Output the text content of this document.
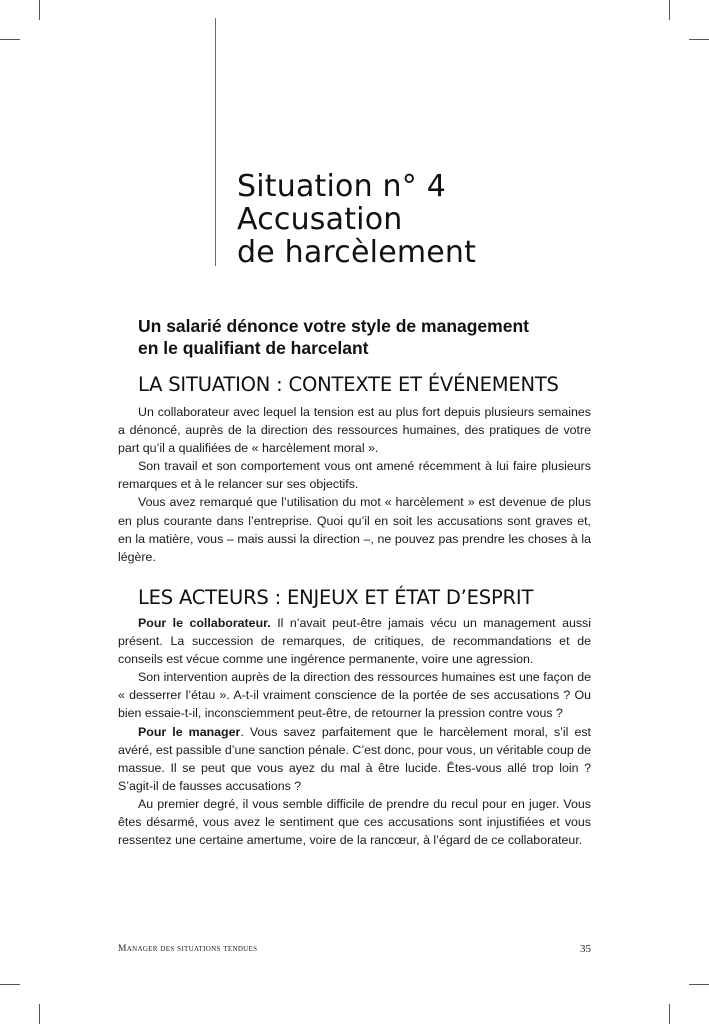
Situation n° 4
Accusation
de harcèlement
Un salarié dénonce votre style de management
en le qualifiant de harcelant
LA SITUATION : CONTEXTE ET ÉVÉNEMENTS

Un collaborateur avec lequel la tension est au plus fort depuis plusieurs semaines a dénoncé, auprès de la direction des ressources humaines, des pratiques de votre part qu’il a qualifiées de « harcèlement moral ».

Son travail et son comportement vous ont amené récemment à lui faire plusieurs remarques et à le relancer sur ses objectifs.

Vous avez remarqué que l’utilisation du mot « harcèlement » est devenue de plus en plus courante dans l’entreprise. Quoi qu’il en soit les accusations sont graves et, en la matière, vous – mais aussi la direction –, ne pouvez pas prendre les choses à la légère.

LES ACTEURS : ENJEUX ET ÉTAT D’ESPRIT

Pour le collaborateur. Il n’avait peut-être jamais vécu un management aussi présent. La succession de remarques, de critiques, de recommandations et de conseils est vécue comme une ingérence permanente, voire une agression.

Son intervention auprès de la direction des ressources humaines est une façon de « desserrer l’étau ». A-t-il vraiment conscience de la portée de ses accusations ? Ou bien essaie-t-il, inconsciemment peut-être, de retourner la pression contre vous ?

Pour le manager. Vous savez parfaitement que le harcèlement moral, s’il est avéré, est passible d’une sanction pénale. C’est donc, pour vous, un véritable coup de massue. Il se peut que vous ayez du mal à être lucide. Êtes-vous allé trop loin ? S’agit-il de fausses accusations ?

Au premier degré, il vous semble difficile de prendre du recul pour en juger. Vous êtes désarmé, vous avez le sentiment que ces accusations sont injustifiées et vous ressentez une certaine amertume, voire de la rancœur, à l’égard de ce collaborateur.

Manager des situations tendues	35
